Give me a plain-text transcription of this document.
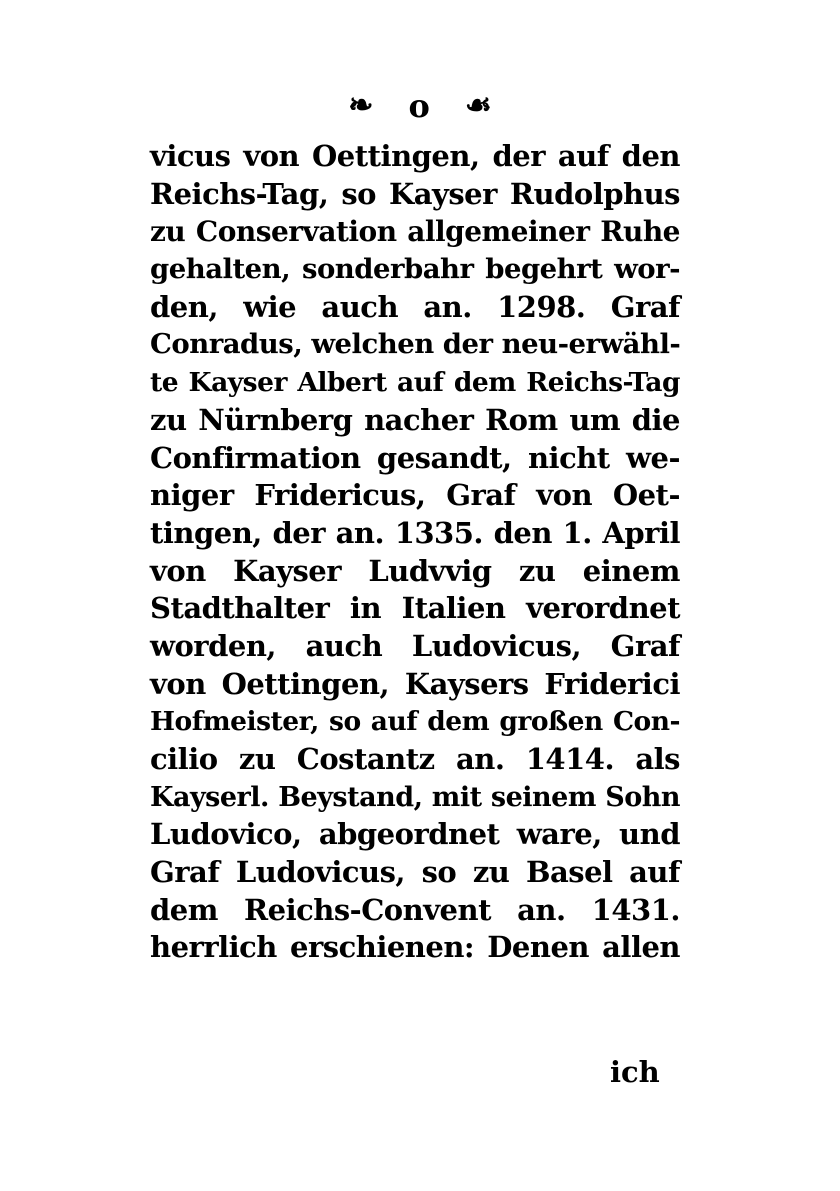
❧ o ☙
vicus von Oettingen, der auf den
Reichs-Tag, so Kayser Rudolphus
zu Conservation allgemeiner Ruhe
gehalten, sonderbahr begehrt wor-
den, wie auch an. 1298. Graf
Conradus, welchen der neu-erwähl-
te Kayser Albert auf dem Reichs-Tag
zu Nürnberg nacher Rom um die
Confirmation gesandt, nicht we-
niger Fridericus, Graf von Oet-
tingen, der an. 1335. den 1. April
von Kayser Ludvvig zu einem
Stadthalter in Italien verordnet
worden, auch Ludovicus, Graf
von Oettingen, Kaysers Friderici
Hofmeister, so auf dem großen Con-
cilio zu Costantz an. 1414. als
Kayserl. Beystand, mit seinem Sohn
Ludovico, abgeordnet ware, und
Graf Ludovicus, so zu Basel auf
dem Reichs-Convent an. 1431.
herrlich erschienen: Denen allen
ich
